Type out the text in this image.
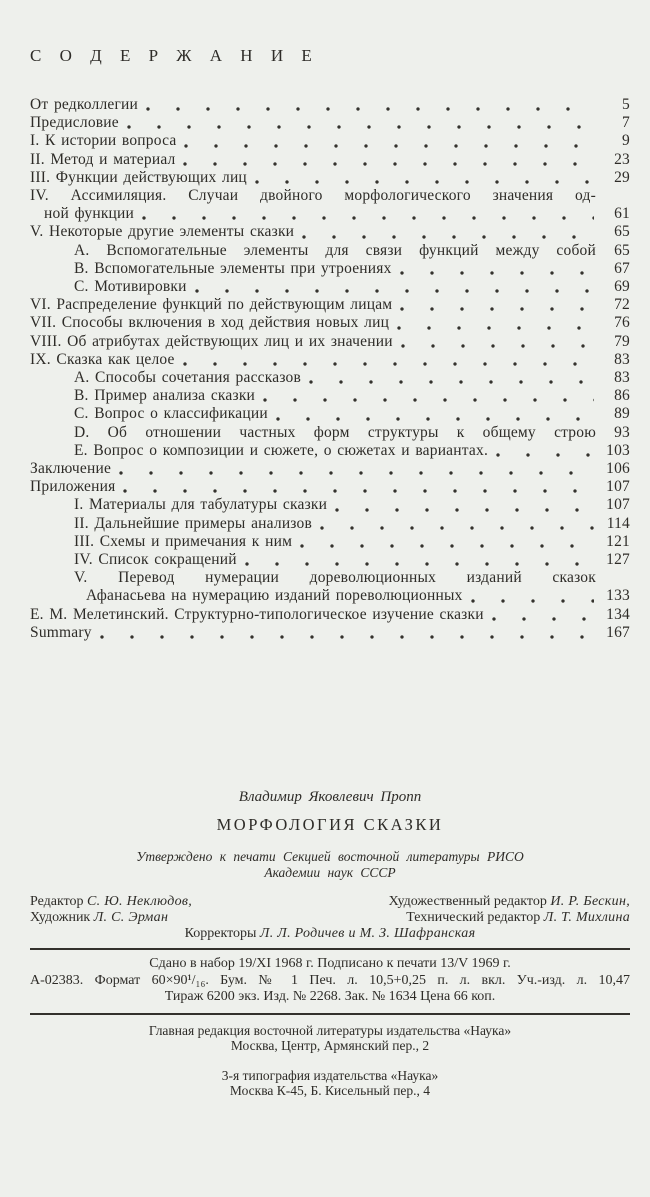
С О Д Е Р Ж А Н И Е
От редколлегии	5
Предисловие	7
I. К истории вопроса	9
II. Метод и материал	23
III. Функции действующих лиц	29
IV. Ассимиляция. Случаи двойного морфологического значения од-
ной функции	61
V. Некоторые другие элементы сказки	65
А. Вспомогательные элементы для связи функций между собой	65
В. Вспомогательные элементы при утроениях	67
С. Мотивировки	69
VI. Распределение функций по действующим лицам	72
VII. Способы включения в ход действия новых лиц	76
VIII. Об атрибутах действующих лиц и их значении	79
IX. Сказка как целое	83
А. Способы сочетания рассказов	83
В. Пример анализа сказки	86
С. Вопрос о классификации	89
D. Об отношении частных форм структуры к общему строю	93
Е. Вопрос о композиции и сюжете, о сюжетах и вариантах.	103
Заключение	106
Приложения	107
I. Материалы для табулатуры сказки	107
II. Дальнейшие примеры анализов	114
III. Схемы и примечания к ним	121
IV. Список сокращений	127
V. Перевод нумерации дореволюционных изданий сказок
Афанасьева на нумерацию изданий пореволюционных	133
Е. М. Мелетинский. Структурно-типологическое изучение сказки	134
Summary	167
Владимир Яковлевич Пропп
МОРФОЛОГИЯ СКАЗКИ
Утверждено к печати Секцией восточной литературы РИСО
Академии наук СССР
Редактор С. Ю. Неклюдов,	Художественный редактор И. Р. Бескин,
Художник Л. С. Эрман	Технический редактор Л. Т. Михлина
Корректоры Л. Л. Родичев и М. З. Шафранская
Сдано в набор 19/XI 1968 г. Подписано к печати 13/V 1969 г.
А-02383. Формат 60×90¹/₁₆. Бум. № 1 Печ. л. 10,5+0,25 п. л. вкл. Уч.-изд. л. 10,47
Тираж 6200 экз. Изд. № 2268. Зак. № 1634 Цена 66 коп.
Главная редакция восточной литературы издательства «Наука»
Москва, Центр, Армянский пер., 2
3-я типография издательства «Наука»
Москва К-45, Б. Кисельный пер., 4
